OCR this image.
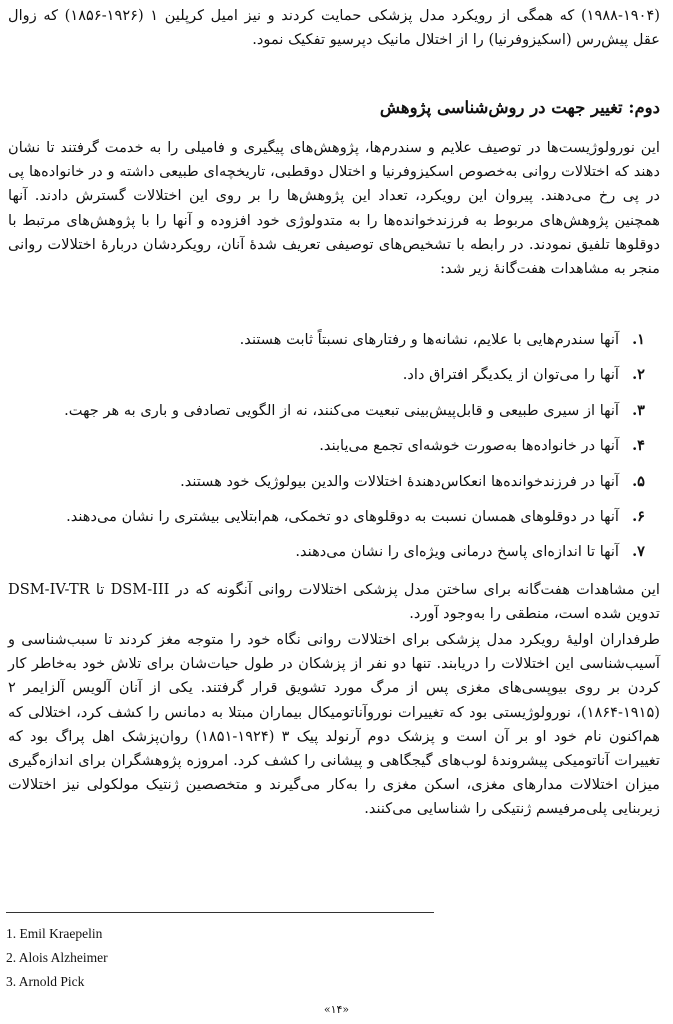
(۱۹۸۸-۱۹۰۴) که همگی از رویکرد مدل پزشکی حمایت کردند و نیز امیل کرپلین ۱ (۱۹۲۶-۱۸۵۶) که زوال عقل پیش‌رس (اسکیزوفرنیا) را از اختلال مانیک دپرسیو تفکیک نمود.

دوم: تغییر جهت در روش‌شناسی پژوهش

این نورولوژیست‌ها در توصیف علایم و سندرم‌ها، پژوهش‌های پیگیری و فامیلی را به خدمت گرفتند تا نشان دهند که اختلالات روانی به‌خصوص اسکیزوفرنیا و اختلال دوقطبی، تاریخچه‌ای طبیعی داشته و در خانواده‌ها پی در پی رخ می‌دهند. پیروان این رویکرد، تعداد این پژوهش‌ها را بر روی این اختلالات گسترش دادند. آنها همچنین پژوهش‌های مربوط به فرزندخوانده‌ها را به متدولوژی خود افزوده و آنها را با پژوهش‌های مرتبط با دوقلوها تلفیق نمودند. در رابطه با تشخیص‌های توصیفی تعریف شدهٔ آنان، رویکردشان دربارهٔ اختلالات روانی منجر به مشاهدات هفت‌گانهٔ زیر شد:

۱.
آنها سندرم‌هایی با علایم، نشانه‌ها و رفتارهای نسبتاً ثابت هستند.
۲.
آنها را می‌توان از یکدیگر افتراق داد.
۳.
آنها از سیری طبیعی و قابل‌پیش‌بینی تبعیت می‌کنند، نه از الگویی تصادفی و باری به هر جهت.
۴.
آنها در خانواده‌ها به‌صورت خوشه‌ای تجمع می‌یابند.
۵.
آنها در فرزندخوانده‌ها انعکاس‌دهندهٔ اختلالات والدین بیولوژیک خود هستند.
۶.
آنها در دوقلوهای همسان نسبت به دوقلوهای دو تخمکی، هم‌ابتلایی بیشتری را نشان می‌دهند.
۷.
آنها تا اندازه‌ای پاسخ درمانی ویژه‌ای را نشان می‌دهند.

این مشاهدات هفت‌گانه برای ساختن مدل پزشکی اختلالات روانی آنگونه که در DSM-III تا DSM-IV-TR تدوین شده است، منطقی را به‌وجود آورد.

طرفداران اولیهٔ رویکرد مدل پزشکی برای اختلالات روانی نگاه خود را متوجه مغز کردند تا سبب‌شناسی و آسیب‌شناسی این اختلالات را دریابند. تنها دو نفر از پزشکان در طول حیات‌شان برای تلاش خود به‌خاطر کار کردن بر روی بیوپسی‌های مغزی پس از مرگ مورد تشویق قرار گرفتند. یکی از آنان آلویس آلزایمر ۲ (۱۹۱۵-۱۸۶۴)، نورولوژیستی بود که تغییرات نوروآناتومیکال بیماران مبتلا به دمانس را کشف کرد، اختلالی که هم‌اکنون نام خود او بر آن است و پزشک دوم آرنولد پیک ۳ (۱۹۲۴-۱۸۵۱) روان‌پزشک اهل پراگ بود که تغییرات آناتومیکی پیشروندهٔ لوب‌های گیجگاهی و پیشانی را کشف کرد. امروزه پژوهشگران برای اندازه‌گیری میزان اختلالات مدارهای مغزی، اسکن مغزی را به‌کار می‌گیرند و متخصصین ژنتیک مولکولی نیز اختلالات زیربنایی پلی‌مرفیسم ژنتیکی را شناسایی می‌کنند.

1. Emil Kraepelin
2. Alois Alzheimer
3. Arnold Pick
«۱۴»
